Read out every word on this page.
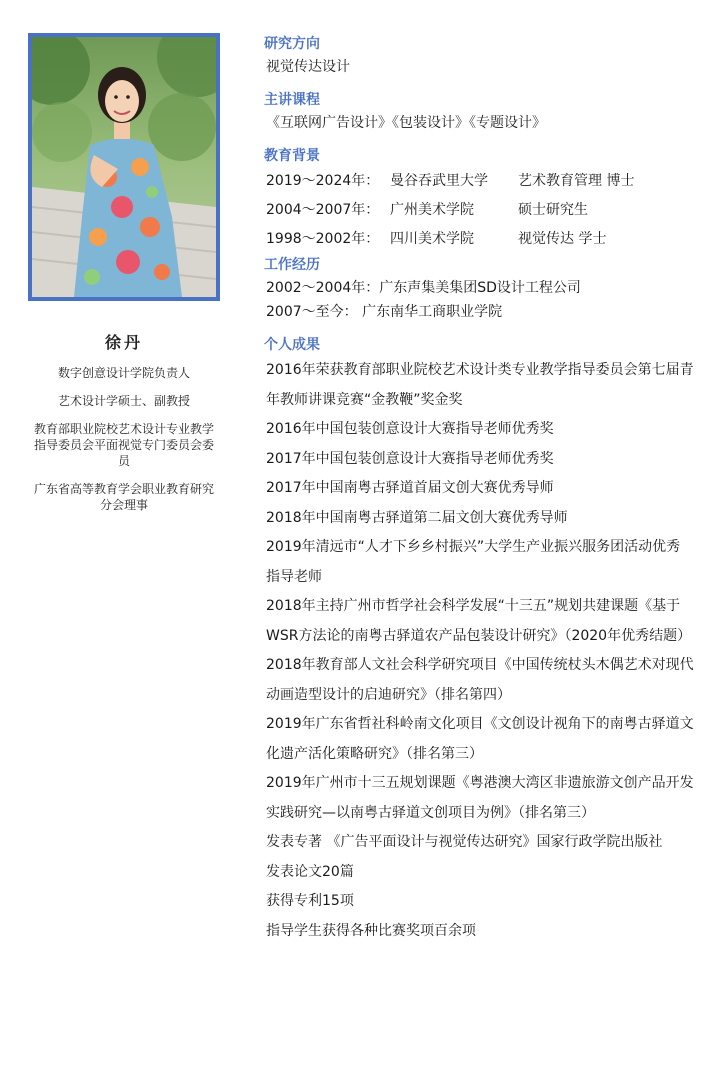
徐丹
数字创意设计学院负责人
艺术设计学硕士、副教授
教育部职业院校艺术设计专业教学指导委员会平面视觉专门委员会委员
广东省高等教育学会职业教育研究分会理事
研究方向
视觉传达设计
主讲课程
《互联网广告设计》《包装设计》《专题设计》
教育背景
2019～2024年： 曼谷吞武里大学	艺术教育管理 博士
2004～2007年： 广州美术学院	硕士研究生
1998～2002年： 四川美术学院	视觉传达 学士
工作经历
2002～2004年：广东声集美集团SD设计工程公司
2007～至今： 广东南华工商职业学院
个人成果
2016年荣获教育部职业院校艺术设计类专业教学指导委员会第七届青年教师讲课竞赛“金教鞭”奖金奖
2016年中国包装创意设计大赛指导老师优秀奖
2017年中国包装创意设计大赛指导老师优秀奖
2017年中国南粤古驿道首届文创大赛优秀导师
2018年中国南粤古驿道第二届文创大赛优秀导师
2019年清远市“人才下乡乡村振兴”大学生产业振兴服务团活动优秀指导老师
2018年主持广州市哲学社会科学发展“十三五”规划共建课题《基于WSR方法论的南粤古驿道农产品包装设计研究》（2020年优秀结题）
2018年教育部人文社会科学研究项目《中国传统杖头木偶艺术对现代动画造型设计的启迪研究》（排名第四）
2019年广东省哲社科岭南文化项目《文创设计视角下的南粤古驿道文化遗产活化策略研究》（排名第三）
2019年广州市十三五规划课题《粤港澳大湾区非遗旅游文创产品开发实践研究—以南粤古驿道文创项目为例》（排名第三）
发表专著 《广告平面设计与视觉传达研究》国家行政学院出版社
发表论文20篇
获得专利15项
指导学生获得各种比赛奖项百余项
